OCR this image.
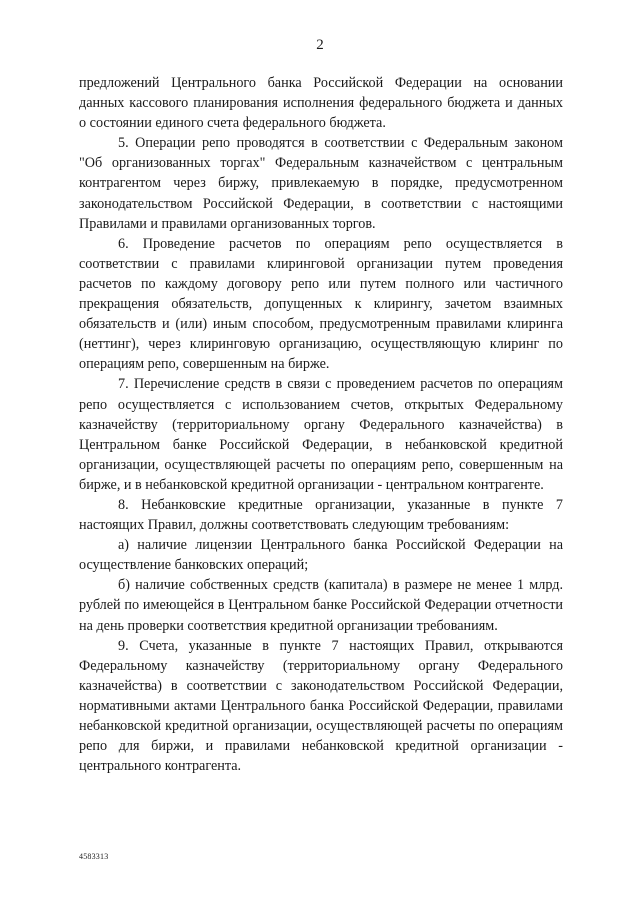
2

предложений Центрального банка Российской Федерации на основании данных кассового планирования исполнения федерального бюджета и данных о состоянии единого счета федерального бюджета.

5. Операции репо проводятся в соответствии с Федеральным законом "Об организованных торгах" Федеральным казначейством с центральным контрагентом через биржу, привлекаемую в порядке, предусмотренном законодательством Российской Федерации, в соответствии с настоящими Правилами и правилами организованных торгов.

6. Проведение расчетов по операциям репо осуществляется в соответствии с правилами клиринговой организации путем проведения расчетов по каждому договору репо или путем полного или частичного прекращения обязательств, допущенных к клирингу, зачетом взаимных обязательств и (или) иным способом, предусмотренным правилами клиринга (неттинг), через клиринговую организацию, осуществляющую клиринг по операциям репо, совершенным на бирже.

7. Перечисление средств в связи с проведением расчетов по операциям репо осуществляется с использованием счетов, открытых Федеральному казначейству (территориальному органу Федерального казначейства) в Центральном банке Российской Федерации, в небанковской кредитной организации, осуществляющей расчеты по операциям репо, совершенным на бирже, и в небанковской кредитной организации - центральном контрагенте.

8. Небанковские кредитные организации, указанные в пункте 7 настоящих Правил, должны соответствовать следующим требованиям:

а) наличие лицензии Центрального банка Российской Федерации на осуществление банковских операций;

б) наличие собственных средств (капитала) в размере не менее 1 млрд. рублей по имеющейся в Центральном банке Российской Федерации отчетности на день проверки соответствия кредитной организации требованиям.

9. Счета, указанные в пункте 7 настоящих Правил, открываются Федеральному казначейству (территориальному органу Федерального казначейства) в соответствии с законодательством Российской Федерации, нормативными актами Центрального банка Российской Федерации, правилами небанковской кредитной организации, осуществляющей расчеты по операциям репо для биржи, и правилами небанковской кредитной организации - центрального контрагента.

4583313
